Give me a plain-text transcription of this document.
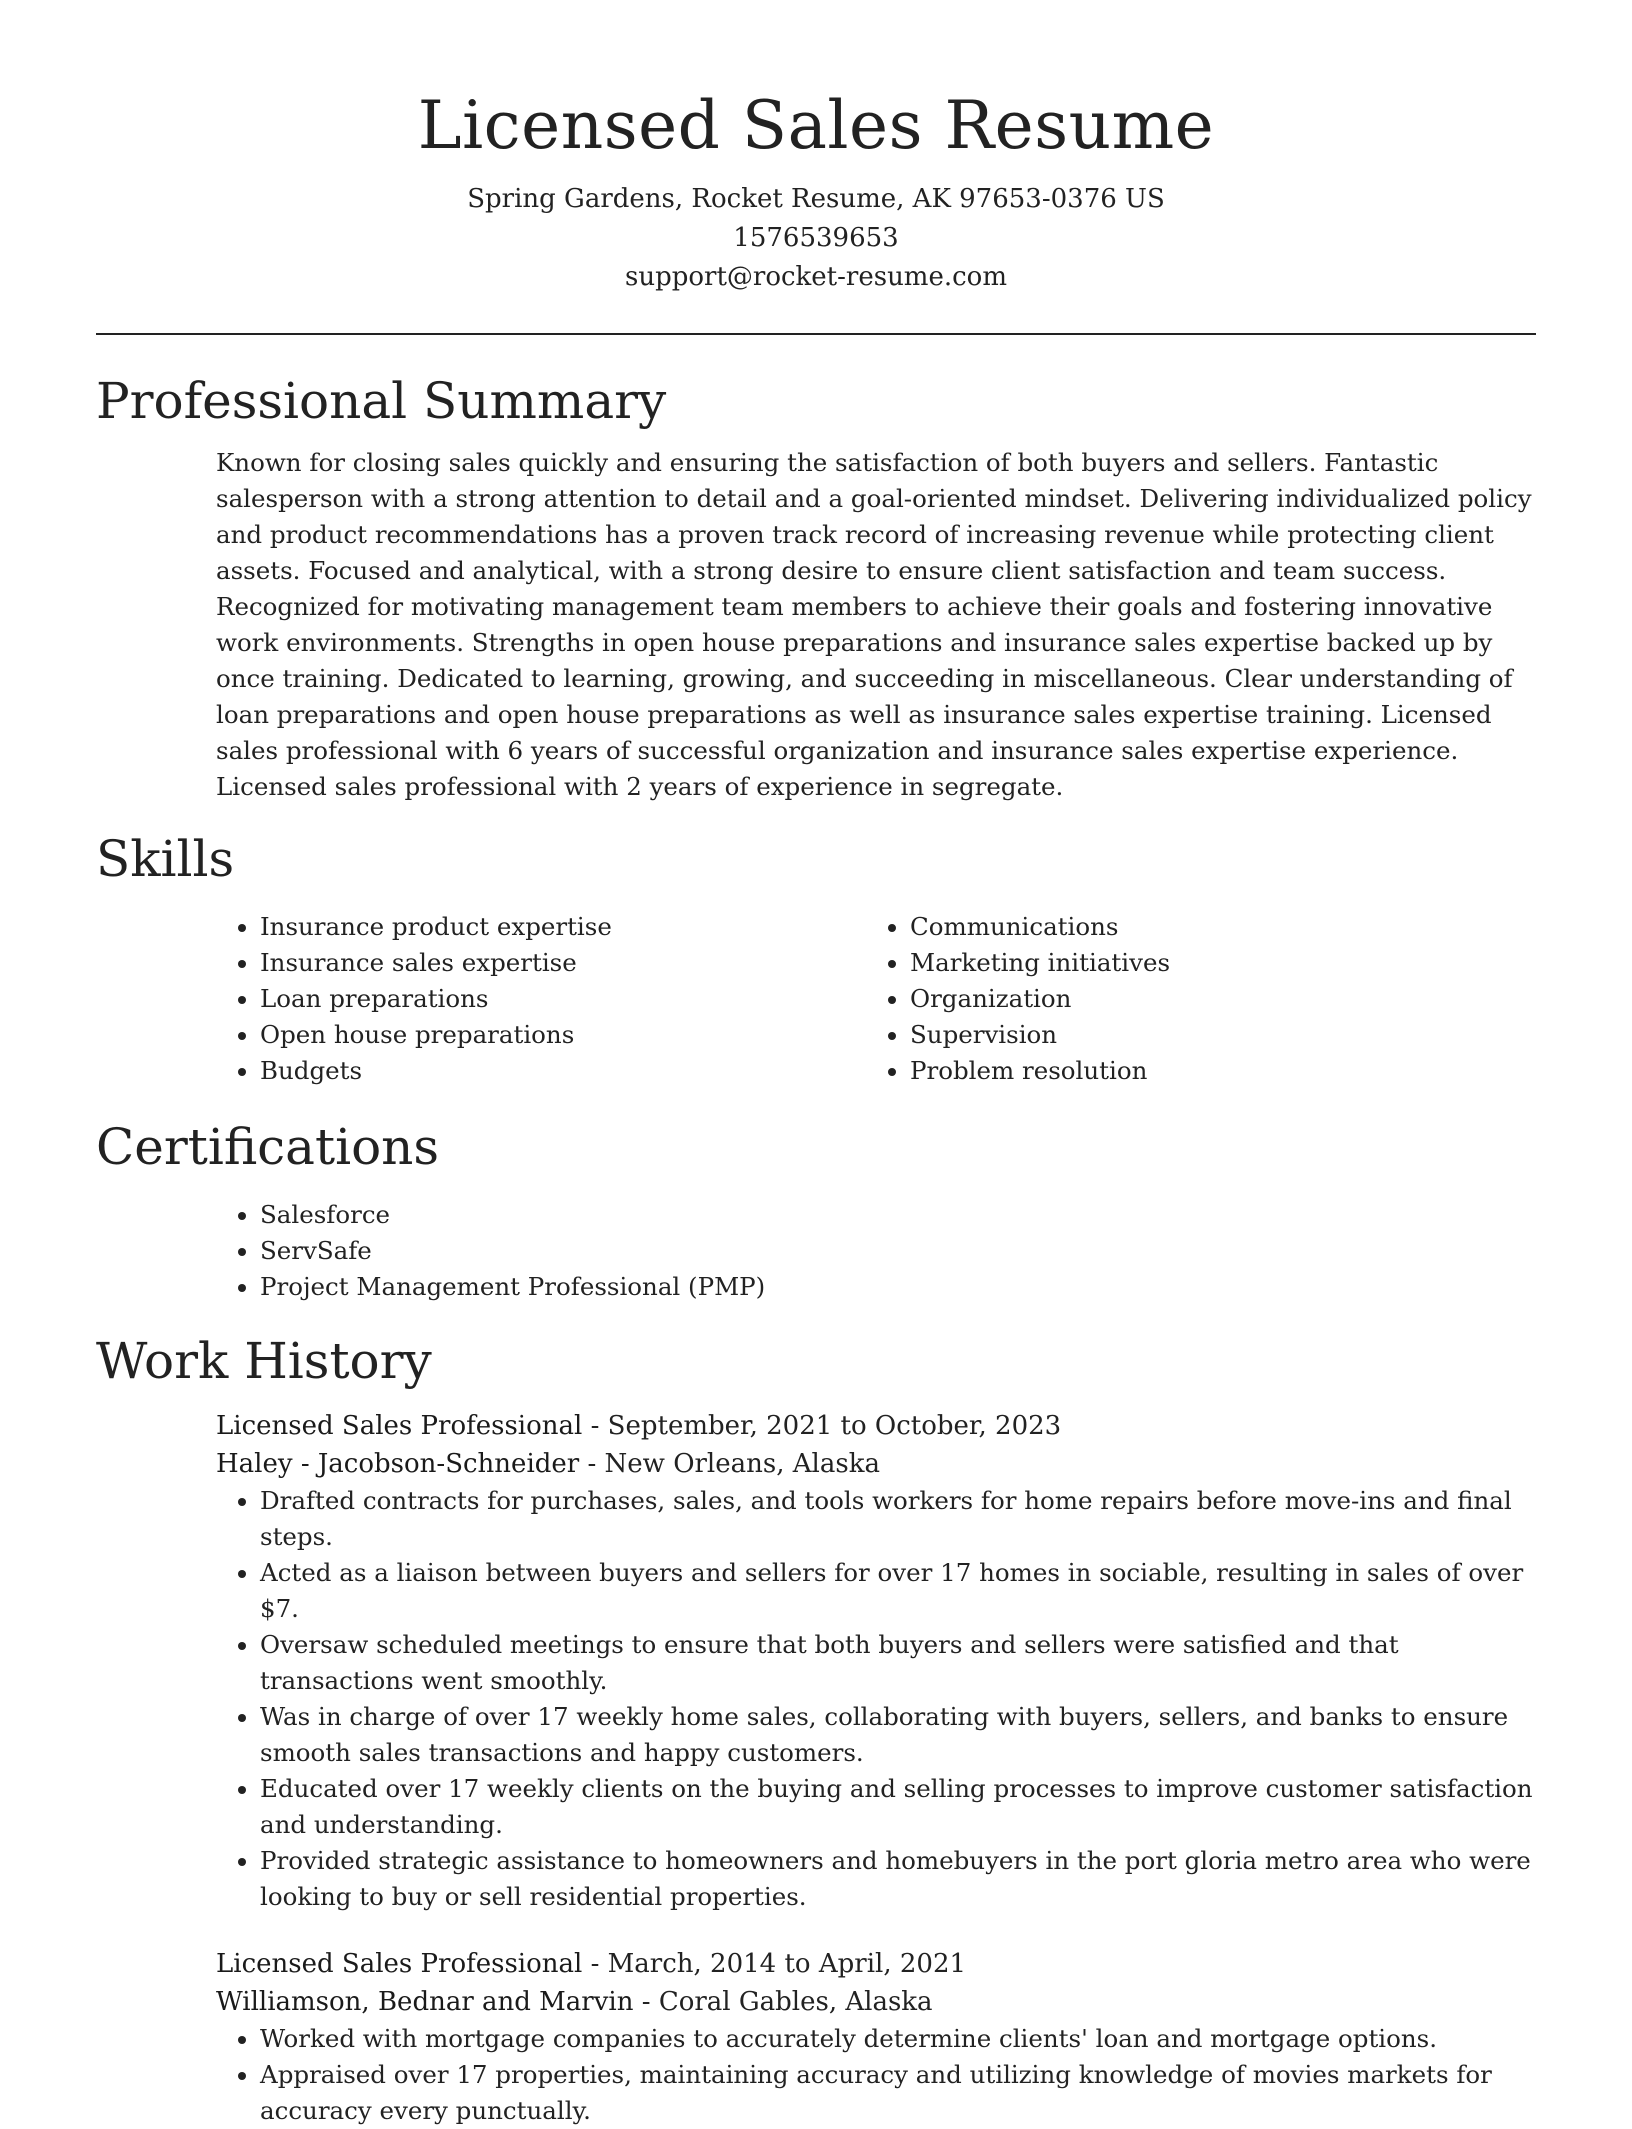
Licensed Sales Resume

Spring Gardens, Rocket Resume, AK 97653-0376 US

1576539653

support@rocket-resume.com

Professional Summary

Known for closing sales quickly and ensuring the satisfaction of both buyers and sellers. Fantastic salesperson with a strong attention to detail and a goal-oriented mindset. Delivering individualized policy and product recommendations has a proven track record of increasing revenue while protecting client assets. Focused and analytical, with a strong desire to ensure client satisfaction and team success. Recognized for motivating management team members to achieve their goals and fostering innovative work environments. Strengths in open house preparations and insurance sales expertise backed up by once training. Dedicated to learning, growing, and succeeding in miscellaneous. Clear understanding of loan preparations and open house preparations as well as insurance sales expertise training. Licensed sales professional with 6 years of successful organization and insurance sales expertise experience. Licensed sales professional with 2 years of experience in segregate.

Skills
• Insurance product expertise
• Insurance sales expertise
• Loan preparations
• Open house preparations
• Budgets
• Communications
• Marketing initiatives
• Organization
• Supervision
• Problem resolution
Certifications
• Salesforce
• ServSafe
• Project Management Professional (PMP)
Work History

Licensed Sales Professional - September, 2021 to October, 2023

Haley - Jacobson-Schneider - New Orleans, Alaska

• Drafted contracts for purchases, sales, and tools workers for home repairs before move-ins and final steps.
• Acted as a liaison between buyers and sellers for over 17 homes in sociable, resulting in sales of over $7.
• Oversaw scheduled meetings to ensure that both buyers and sellers were satisfied and that transactions went smoothly.
• Was in charge of over 17 weekly home sales, collaborating with buyers, sellers, and banks to ensure smooth sales transactions and happy customers.
• Educated over 17 weekly clients on the buying and selling processes to improve customer satisfaction and understanding.
• Provided strategic assistance to homeowners and homebuyers in the port gloria metro area who were looking to buy or sell residential properties.

Licensed Sales Professional - March, 2014 to April, 2021

Williamson, Bednar and Marvin - Coral Gables, Alaska

• Worked with mortgage companies to accurately determine clients' loan and mortgage options.
• Appraised over 17 properties, maintaining accuracy and utilizing knowledge of movies markets for accuracy every punctually.
